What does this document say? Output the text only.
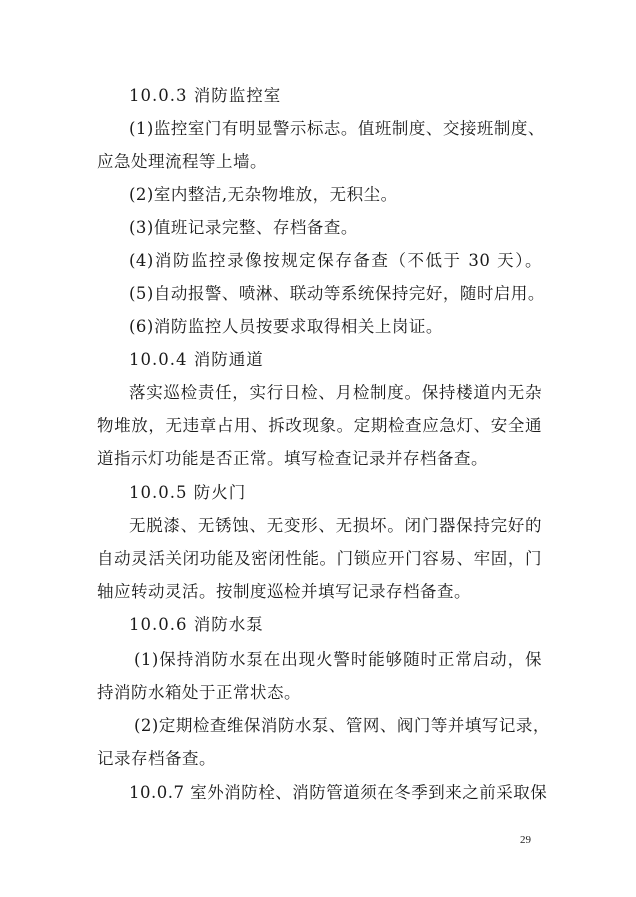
10.0.3 消防监控室
(1)监控室门有明显警示标志。值班制度、交接班制度、
应急处理流程等上墙。
(2)室内整洁,无杂物堆放，无积尘。
(3)值班记录完整、存档备查。
(4)消防监控录像按规定保存备查（不低于 30 天）。
(5)自动报警、喷淋、联动等系统保持完好，随时启用。
(6)消防监控人员按要求取得相关上岗证。
10.0.4 消防通道
落实巡检责任，实行日检、月检制度。保持楼道内无杂
物堆放，无违章占用、拆改现象。定期检查应急灯、安全通
道指示灯功能是否正常。填写检查记录并存档备查。
10.0.5 防火门
无脱漆、无锈蚀、无变形、无损坏。闭门器保持完好的
自动灵活关闭功能及密闭性能。门锁应开门容易、牢固，门
轴应转动灵活。按制度巡检并填写记录存档备查。
10.0.6 消防水泵
(1)保持消防水泵在出现火警时能够随时正常启动，保
持消防水箱处于正常状态。
(2)定期检查维保消防水泵、管网、阀门等并填写记录，
记录存档备查。
10.0.7 室外消防栓、消防管道须在冬季到来之前采取保
29
